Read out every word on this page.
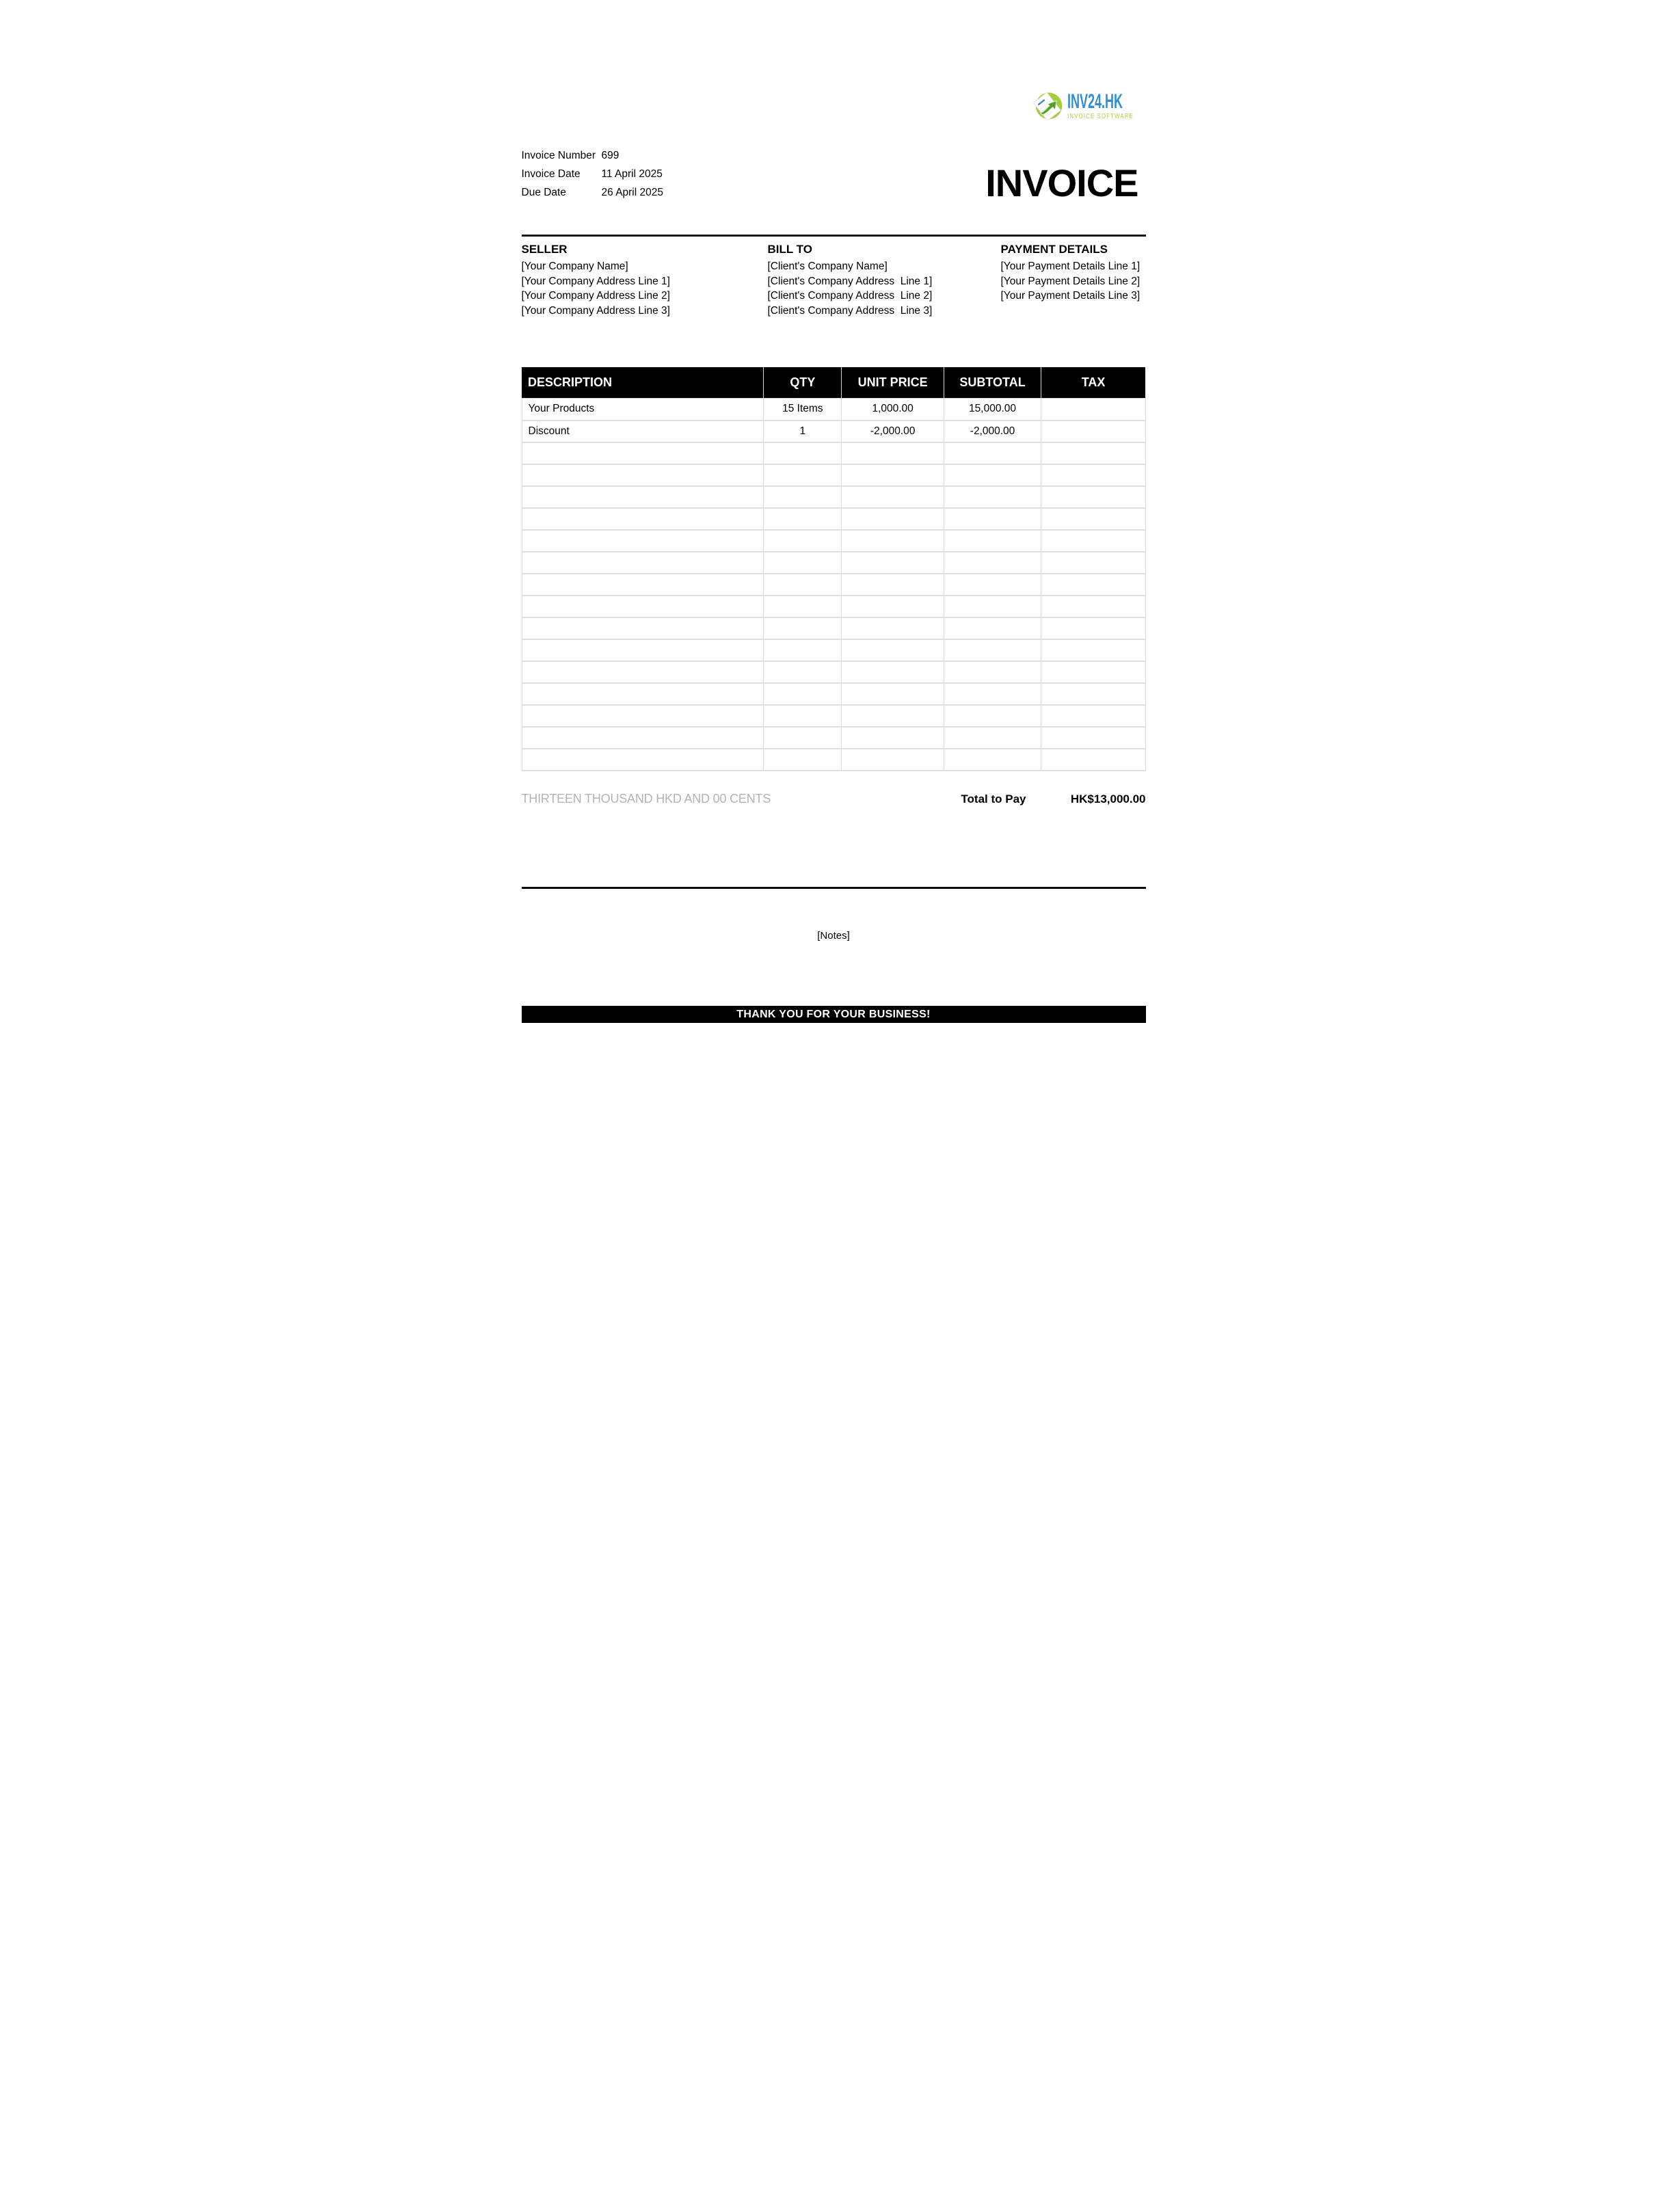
INV24.HK
INVOICE SOFTWARE
Invoice Number 699
Invoice Date	11 April 2025
Due Date	26 April 2025	INVOICE
SELLER
[Your Company Name]
[Your Company Address Line 1]
[Your Company Address Line 2]
[Your Company Address Line 3]
BILL TO
[Client's Company Name]
[Client's Company Address  Line 1]
[Client's Company Address  Line 2]
[Client's Company Address  Line 3]
PAYMENT DETAILS
[Your Payment Details Line 1]
[Your Payment Details Line 2]
[Your Payment Details Line 3]
DESCRIPTION	QTY	UNIT PRICE	SUBTOTAL	TAX
Your Products	15 Items	1,000.00	15,000.00	
Discount	1	-2,000.00	-2,000.00	

THIRTEEN THOUSAND HKD AND 00 CENTS	Total to Pay	HK$13,000.00
[Notes]
THANK YOU FOR YOUR BUSINESS!
